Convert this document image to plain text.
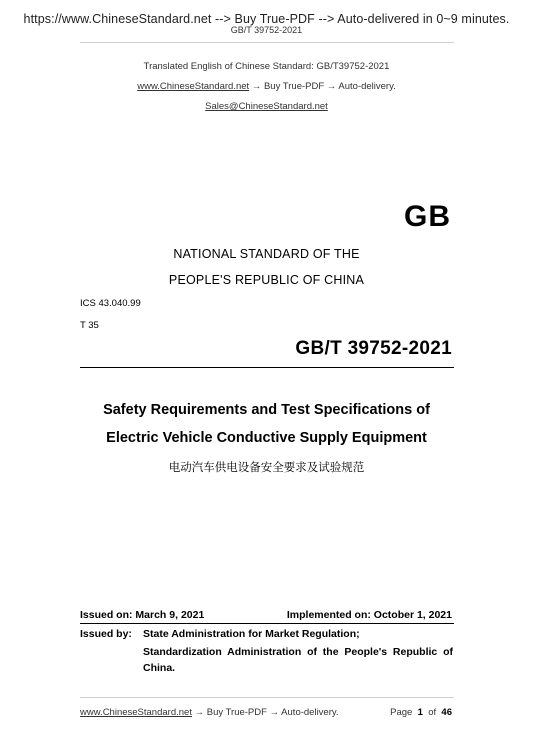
https://www.ChineseStandard.net --> Buy True-PDF --> Auto-delivered in 0~9 minutes.
GB/T 39752-2021
Translated English of Chinese Standard: GB/T39752-2021
www.ChineseStandard.net → Buy True-PDF → Auto-delivery.
Sales@ChineseStandard.net
GB
NATIONAL STANDARD OF THE
PEOPLE'S REPUBLIC OF CHINA
ICS 43.040.99
T 35
GB/T 39752-2021
Safety Requirements and Test Specifications of
Electric Vehicle Conductive Supply Equipment
电动汽车供电设备安全要求及试验规范
Issued on: March 9, 2021	Implemented on: October 1, 2021
Issued by: State Administration for Market Regulation;
Standardization Administration of the People's Republic of
China.
www.ChineseStandard.net → Buy True-PDF → Auto-delivery.	Page 1 of 46
